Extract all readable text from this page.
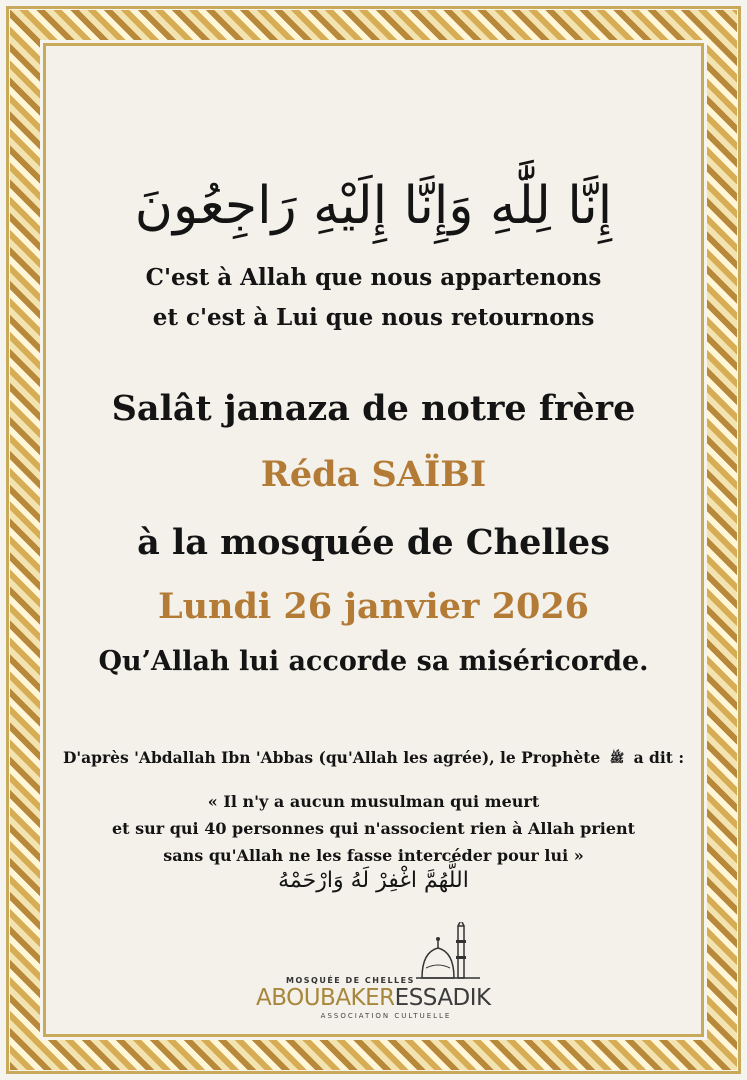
إِنَّا لِلَّٰهِ وَإِنَّا إِلَيْهِ رَاجِعُونَ
C'est à Allah que nous appartenons
et c'est à Lui que nous retournons
Salât janaza de notre frère
Réda SAÏBI
à la mosquée de Chelles
Lundi 26 janvier 2026
Qu’Allah lui accorde sa miséricorde.
D'après 'Abdallah Ibn 'Abbas (qu'Allah les agrée), le Prophète ﷺ a dit :
« Il n'y a aucun musulman qui meurt
et sur qui 40 personnes qui n'associent rien à Allah prient
sans qu'Allah ne les fasse intercéder pour lui »
اللَّهُمَّ اغْفِرْ لَهُ وَارْحَمْهُ
MOSQUÉE DE CHELLES
ABOUBAKERESSADIK
ASSOCIATION CULTUELLE
